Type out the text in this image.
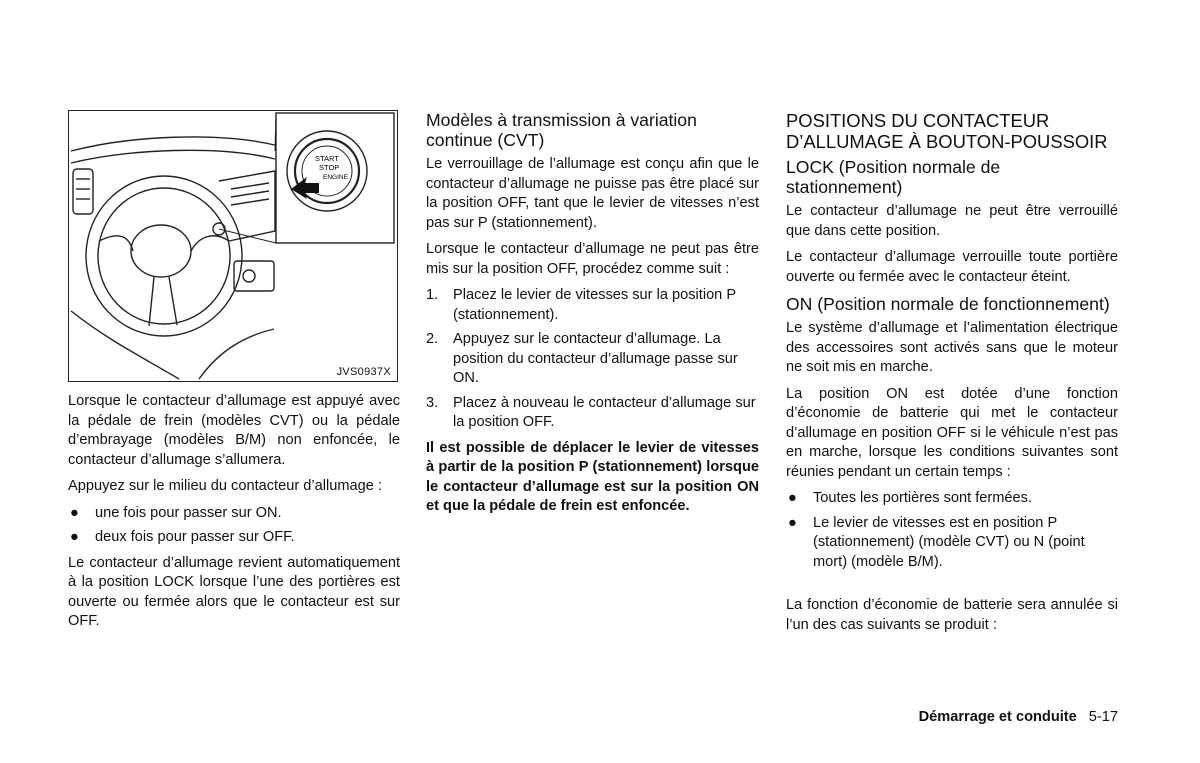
START
STOP
ENGINE
JVS0937X

Lorsque le contacteur d’allumage est appuyé avec la pédale de frein (modèles CVT) ou la pédale d’embrayage (modèles B/M) non enfoncée, le contacteur d’allumage s’allumera.

Appuyez sur le milieu du contacteur d’allumage :

● une fois pour passer sur ON.
● deux fois pour passer sur OFF.

Le contacteur d’allumage revient automatiquement à la position LOCK lorsque l’une des portières est ouverte ou fermée alors que le contacteur est sur OFF.

Modèles à transmission à variation continue (CVT)

Le verrouillage de l’allumage est conçu afin que le contacteur d’allumage ne puisse pas être placé sur la position OFF, tant que le levier de vitesses n’est pas sur P (stationnement).

Lorsque le contacteur d’allumage ne peut pas être mis sur la position OFF, procédez comme suit :

1. Placez le levier de vitesses sur la position P (stationnement).
2. Appuyez sur le contacteur d’allumage. La position du contacteur d’allumage passe sur ON.
3. Placez à nouveau le contacteur d’allumage sur la position OFF.

Il est possible de déplacer le levier de vitesses à partir de la position P (stationnement) lorsque le contacteur d’allumage est sur la position ON et que la pédale de frein est enfoncée.

POSITIONS DU CONTACTEUR D’ALLUMAGE À BOUTON-POUSSOIR
LOCK (Position normale de stationnement)

Le contacteur d’allumage ne peut être verrouillé que dans cette position.

Le contacteur d’allumage verrouille toute portière ouverte ou fermée avec le contacteur éteint.

ON (Position normale de fonctionnement)

Le système d’allumage et l’alimentation électrique des accessoires sont activés sans que le moteur ne soit mis en marche.

La position ON est dotée d’une fonction d’économie de batterie qui met le contacteur d’allumage en position OFF si le véhicule n’est pas en marche, lorsque les conditions suivantes sont réunies pendant un certain temps :

● Toutes les portières sont fermées.
● Le levier de vitesses est en position P (stationnement) (modèle CVT) ou N (point mort) (modèle B/M).

La fonction d’économie de batterie sera annulée si l’un des cas suivants se produit :

Démarrage et conduite 5-17
